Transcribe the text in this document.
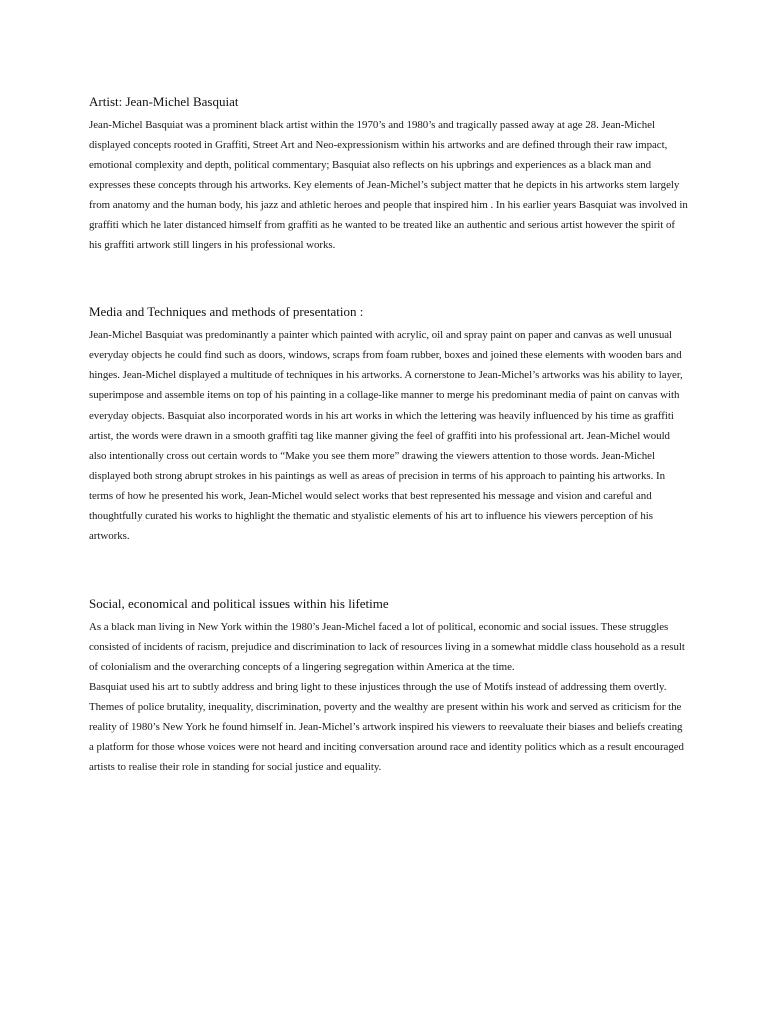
Artist: Jean-Michel Basquiat

Jean-Michel Basquiat was a prominent black artist within the 1970’s and 1980’s and tragically passed away at age 28. Jean-Michel displayed concepts rooted in Graffiti, Street Art and Neo-expressionism within his artworks and are defined through their raw impact, emotional complexity and depth, political commentary; Basquiat also reflects on his upbrings and experiences as a black man and expresses these concepts through his artworks. Key elements of Jean-Michel’s subject matter that he depicts in his artworks stem largely from anatomy and the human body, his jazz and athletic heroes and people that inspired him . In his earlier years Basquiat was involved in graffiti which he later distanced himself from graffiti as he wanted to be treated like an authentic and serious artist however the spirit of his graffiti artwork still lingers in his professional works.

Media and Techniques and methods of presentation :

Jean-Michel Basquiat was predominantly a painter which painted with acrylic, oil and spray paint on paper and canvas as well unusual everyday objects he could find such as doors, windows, scraps from foam rubber, boxes and joined these elements with wooden bars and hinges. Jean-Michel displayed a multitude of techniques in his artworks. A cornerstone to Jean-Michel’s artworks was his ability to layer, superimpose and assemble items on top of his painting in a collage-like manner to merge his predominant media of paint on canvas with everyday objects. Basquiat also incorporated words in his art works in which the lettering was heavily influenced by his time as graffiti artist, the words were drawn in a smooth graffiti tag like manner giving the feel of graffiti into his professional art. Jean-Michel would also intentionally cross out certain words to “Make you see them more” drawing the viewers attention to those words. Jean-Michel displayed both strong abrupt strokes in his paintings as well as areas of precision in terms of his approach to painting his artworks. In terms of how he presented his work, Jean-Michel would select works that best represented his message and vision and careful and thoughtfully curated his works to highlight the thematic and styalistic elements of his art to influence his viewers perception of his artworks.

Social, economical and political issues within his lifetime

As a black man living in New York within the 1980’s Jean-Michel faced a lot of political, economic and social issues. These struggles consisted of incidents of racism, prejudice and discrimination to lack of resources living in a somewhat middle class household as a result of colonialism and the overarching concepts of a lingering segregation within America at the time.

Basquiat used his art to subtly address and bring light to these injustices through the use of Motifs instead of addressing them overtly. Themes of police brutality, inequality, discrimination, poverty and the wealthy are present within his work and served as criticism for the reality of 1980’s New York he found himself in. Jean-Michel’s artwork inspired his viewers to reevaluate their biases and beliefs creating a platform for those whose voices were not heard and inciting conversation around race and identity politics which as a result encouraged artists to realise their role in standing for social justice and equality.
